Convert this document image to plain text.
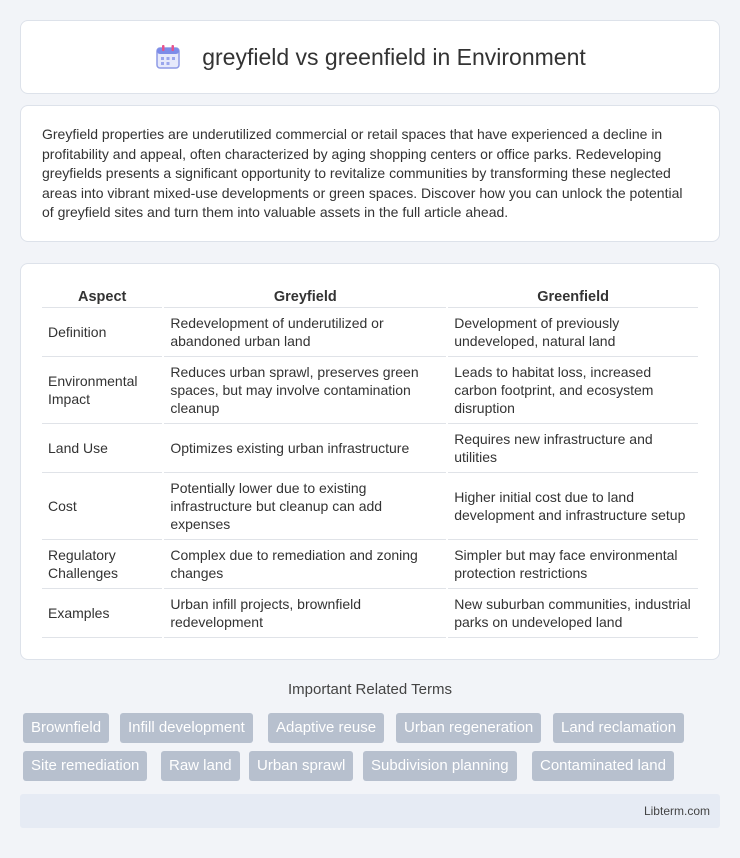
greyfield vs greenfield in Environment

Greyfield properties are underutilized commercial or retail spaces that have experienced a decline in profitability and appeal, often characterized by aging shopping centers or office parks. Redeveloping greyfields presents a significant opportunity to revitalize communities by transforming these neglected areas into vibrant mixed-use developments or green spaces. Discover how you can unlock the potential of greyfield sites and turn them into valuable assets in the full article ahead.

Aspect	Greyfield	Greenfield
Definition	Redevelopment of underutilized or abandoned urban land	Development of previously undeveloped, natural land
Environmental Impact	Reduces urban sprawl, preserves green spaces, but may involve contamination cleanup	Leads to habitat loss, increased carbon footprint, and ecosystem disruption
Land Use	Optimizes existing urban infrastructure	Requires new infrastructure and utilities
Cost	Potentially lower due to existing infrastructure but cleanup can add expenses	Higher initial cost due to land development and infrastructure setup
Regulatory Challenges	Complex due to remediation and zoning changes	Simpler but may face environmental protection restrictions
Examples	Urban infill projects, brownfield redevelopment	New suburban communities, industrial parks on undeveloped land
Important Related Terms
Brownfield	Infill development	Adaptive reuse	Urban regeneration	Land reclamation
Site remediation	Raw land	Urban sprawl	Subdivision planning	Contaminated land
Libterm.com
